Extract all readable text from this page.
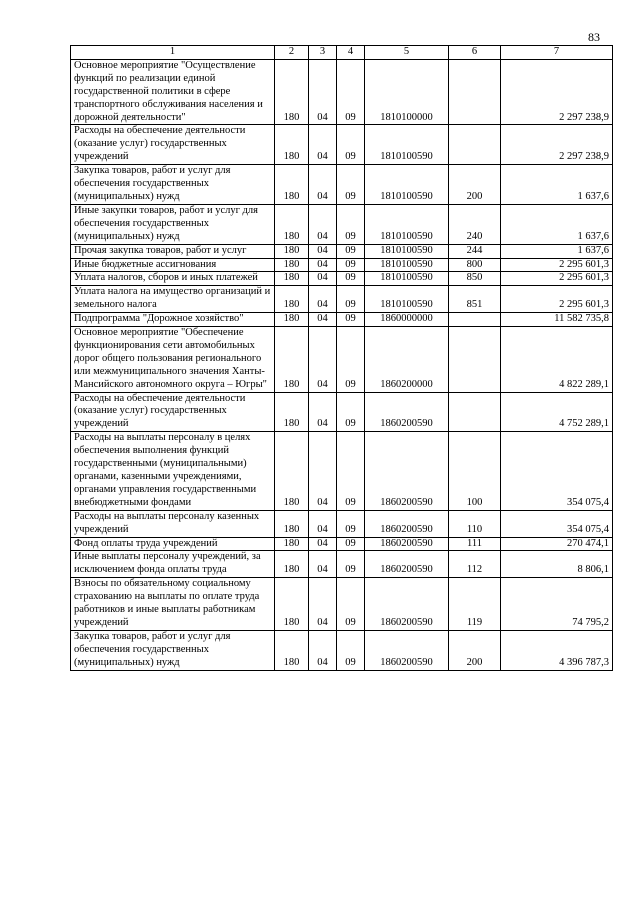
83
1	2	3	4	5	6	7
Основное мероприятие "Осуществление функций по реализации единой государственной политики в сфере транспортного обслуживания населения и дорожной деятельности"	180	04	09	1810100000		2 297 238,9
Расходы на обеспечение деятельности (оказание услуг) государственных учреждений	180	04	09	1810100590		2 297 238,9
Закупка товаров, работ и услуг для обеспечения государственных (муниципальных) нужд	180	04	09	1810100590	200	1 637,6
Иные закупки товаров, работ и услуг для обеспечения государственных (муниципальных) нужд	180	04	09	1810100590	240	1 637,6
Прочая закупка товаров, работ и услуг	180	04	09	1810100590	244	1 637,6
Иные бюджетные ассигнования	180	04	09	1810100590	800	2 295 601,3
Уплата налогов, сборов и иных платежей	180	04	09	1810100590	850	2 295 601,3
Уплата налога на имущество организаций и земельного налога	180	04	09	1810100590	851	2 295 601,3
Подпрограмма "Дорожное хозяйство"	180	04	09	1860000000		11 582 735,8
Основное мероприятие "Обеспечение функционирования сети автомобильных дорог общего пользования регионального или межмуниципального значения Ханты-Мансийского автономного округа – Югры"	180	04	09	1860200000		4 822 289,1
Расходы на обеспечение деятельности (оказание услуг) государственных учреждений	180	04	09	1860200590		4 752 289,1
Расходы на выплаты персоналу в целях обеспечения выполнения функций государственными (муниципальными) органами, казенными учреждениями, органами управления государственными внебюджетными фондами	180	04	09	1860200590	100	354 075,4
Расходы на выплаты персоналу казенных учреждений	180	04	09	1860200590	110	354 075,4
Фонд оплаты труда учреждений	180	04	09	1860200590	111	270 474,1
Иные выплаты персоналу учреждений, за исключением фонда оплаты труда	180	04	09	1860200590	112	8 806,1
Взносы по обязательному социальному страхованию на выплаты по оплате труда работников и иные выплаты работникам учреждений	180	04	09	1860200590	119	74 795,2
Закупка товаров, работ и услуг для обеспечения государственных (муниципальных) нужд	180	04	09	1860200590	200	4 396 787,3
